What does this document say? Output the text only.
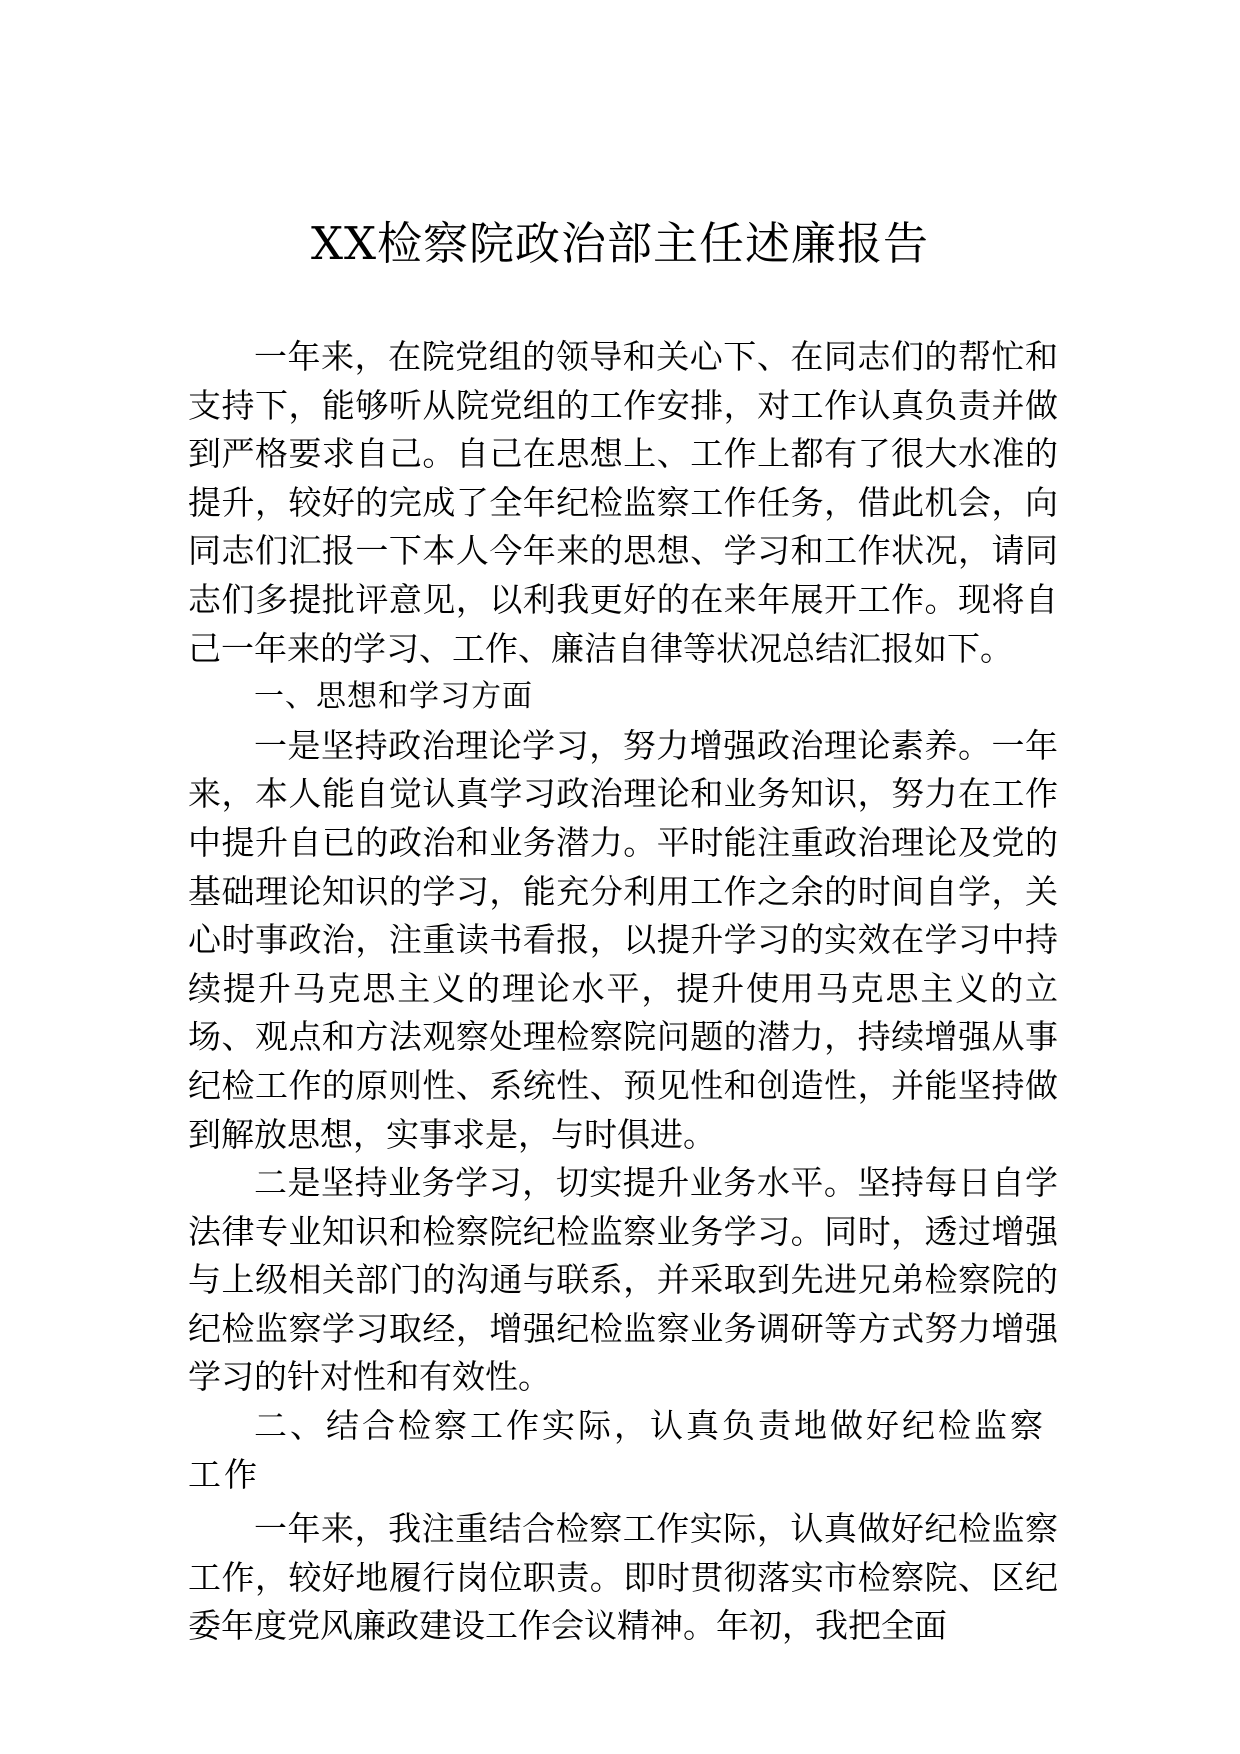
XX检察院政治部主任述廉报告

一年来，在院党组的领导和关心下、在同志们的帮忙和支持下，能够听从院党组的工作安排，对工作认真负责并做到严格要求自己。自己在思想上、工作上都有了很大水准的提升，较好的完成了全年纪检监察工作任务，借此机会，向同志们汇报一下本人今年来的思想、学习和工作状况，请同志们多提批评意见，以利我更好的在来年展开工作。现将自己一年来的学习、工作、廉洁自律等状况总结汇报如下。

一、思想和学习方面

一是坚持政治理论学习，努力增强政治理论素养。一年来，本人能自觉认真学习政治理论和业务知识，努力在工作中提升自已的政治和业务潜力。平时能注重政治理论及党的基础理论知识的学习，能充分利用工作之余的时间自学，关心时事政治，注重读书看报，以提升学习的实效在学习中持续提升马克思主义的理论水平，提升使用马克思主义的立场、观点和方法观察处理检察院问题的潜力，持续增强从事纪检工作的原则性、系统性、预见性和创造性，并能坚持做到解放思想，实事求是，与时俱进。

二是坚持业务学习，切实提升业务水平。坚持每日自学法律专业知识和检察院纪检监察业务学习。同时，透过增强与上级相关部门的沟通与联系，并采取到先进兄弟检察院的纪检监察学习取经，增强纪检监察业务调研等方式努力增强学习的针对性和有效性。

二、结合检察工作实际，认真负责地做好纪检监察工作

一年来，我注重结合检察工作实际，认真做好纪检监察工作，较好地履行岗位职责。即时贯彻落实市检察院、区纪委年度党风廉政建设工作会议精神。年初，我把全面
